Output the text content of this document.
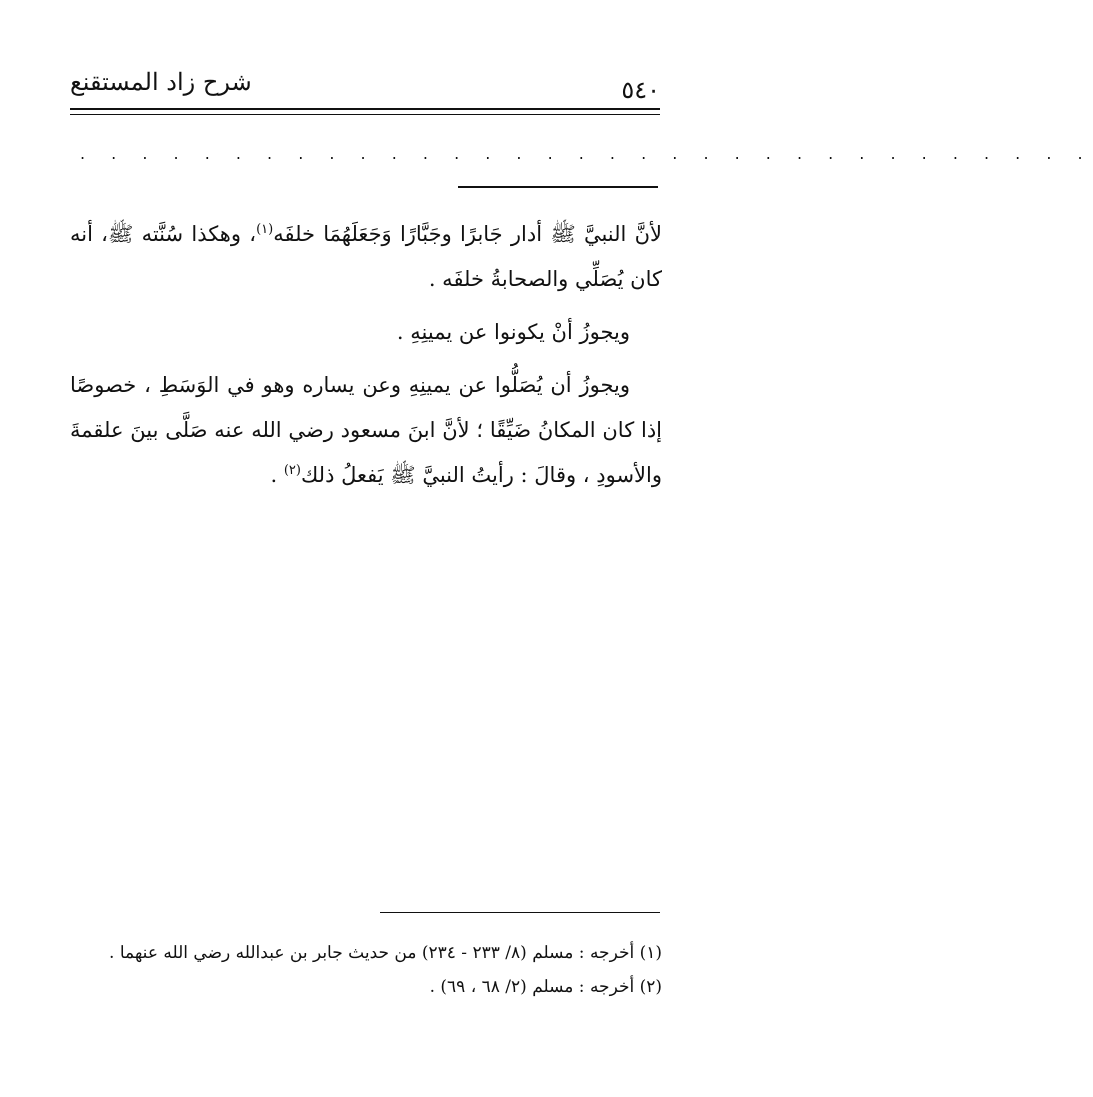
٥٤٠
شرح زاد المستقنع
. . . . . . . . . . . . . . . . . . . . . . . . . . . . . . . . .

لأنَّ النبيَّ ﷺ أدار جَابرًا وجَبَّارًا وَجَعَلَهُمَا خلفَه$^{(١)}$، وهكذا سُنَّته ﷺ، أنه كان يُصَلِّي والصحابةُ خلفَه .

ويجوزُ أنْ يكونوا عن يمينِهِ .

ويجوزُ أن يُصَلُّوا عن يمينِهِ وعن يساره وهو في الوَسَطِ ، خصوصًا إذا كان المكانُ ضَيِّقًا ؛ لأنَّ ابنَ مسعود رضي الله عنه صَلَّى بينَ علقمةَ والأسودِ ، وقالَ : رأيتُ النبيَّ ﷺ يَفعلُ ذلك$^{(٢)}$ .

(١) أخرجه : مسلم (٨/ ٢٣٣ - ٢٣٤) من حديث جابر بن عبدالله رضي الله عنهما .

(٢) أخرجه : مسلم (٢/ ٦٨ ، ٦٩) .
